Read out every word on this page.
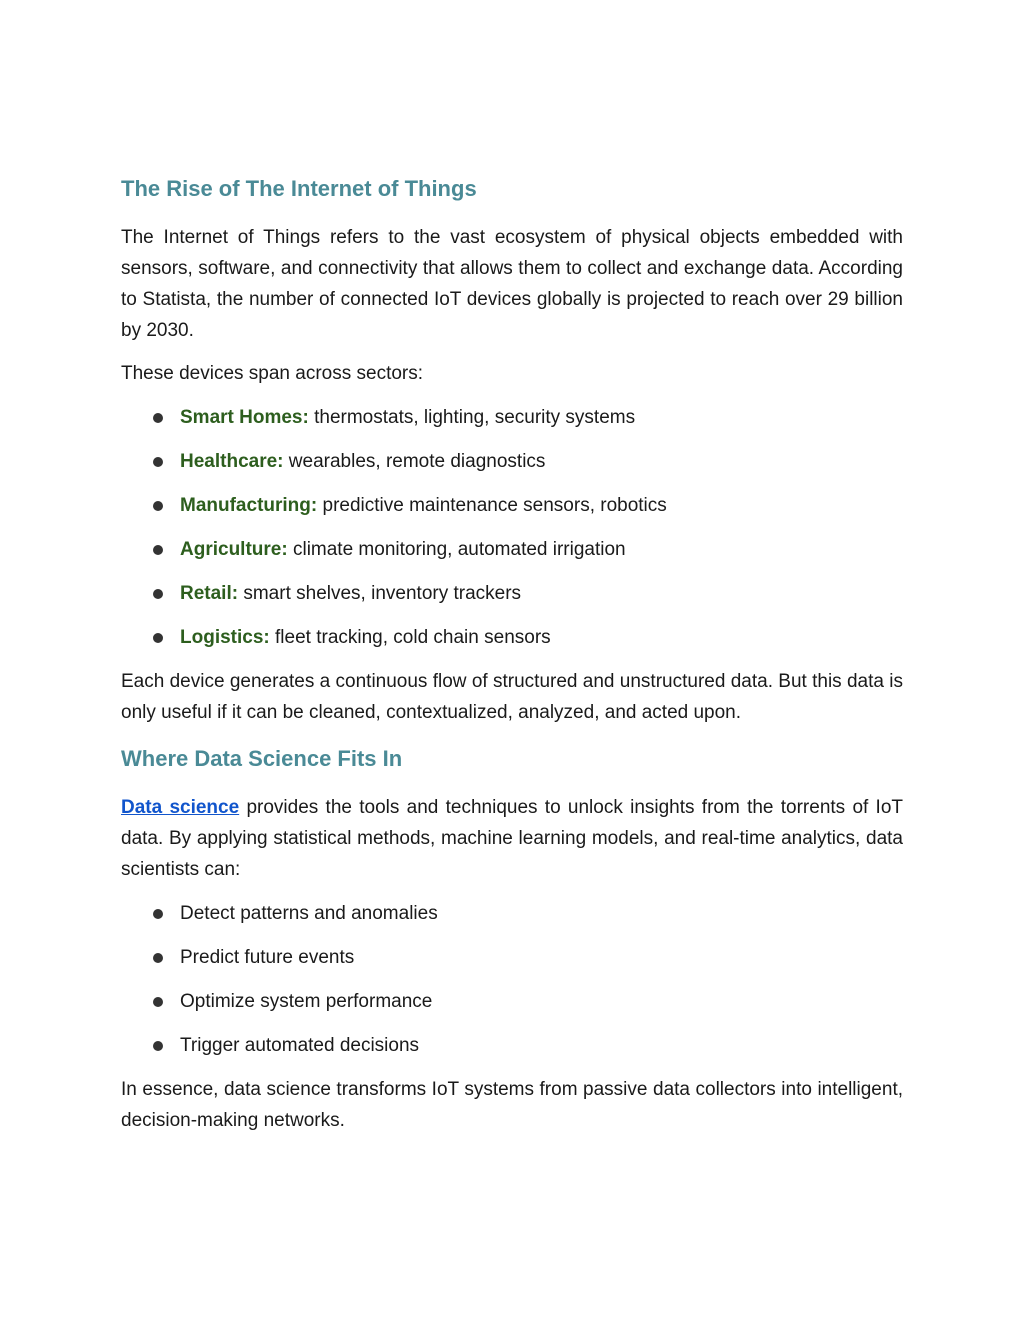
The Rise of The Internet of Things

The Internet of Things refers to the vast ecosystem of physical objects embedded with sensors, software, and connectivity that allows them to collect and exchange data. According to Statista, the number of connected IoT devices globally is projected to reach over 29 billion by 2030.

These devices span across sectors:

Smart Homes: thermostats, lighting, security systems
Healthcare: wearables, remote diagnostics
Manufacturing: predictive maintenance sensors, robotics
Agriculture: climate monitoring, automated irrigation
Retail: smart shelves, inventory trackers
Logistics: fleet tracking, cold chain sensors

Each device generates a continuous flow of structured and unstructured data. But this data is only useful if it can be cleaned, contextualized, analyzed, and acted upon.

Where Data Science Fits In

Data science provides the tools and techniques to unlock insights from the torrents of IoT data. By applying statistical methods, machine learning models, and real-time analytics, data scientists can:

Detect patterns and anomalies
Predict future events
Optimize system performance
Trigger automated decisions

In essence, data science transforms IoT systems from passive data collectors into intelligent, decision-making networks.
